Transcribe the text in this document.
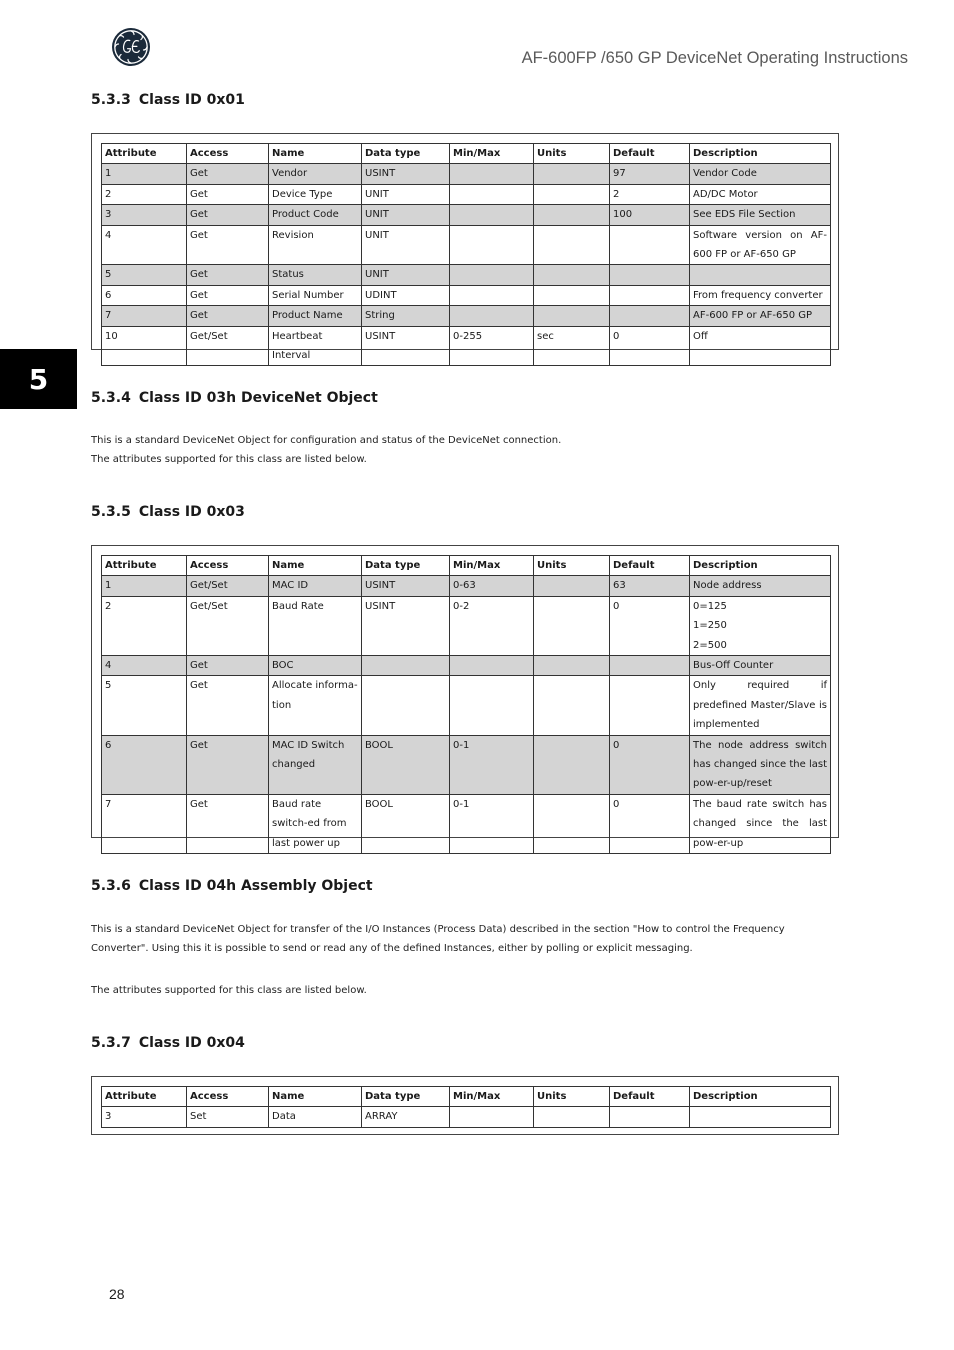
AF-600FP /650 GP DeviceNet Operating Instructions
5
5.3.3 Class ID 0x01
Attribute	Access	Name	Data type	Min/Max	Units	Default	Description
1	Get	Vendor	USINT			97	Vendor Code
2	Get	Device Type	UNIT			2	AD/DC Motor
3	Get	Product Code	UNIT			100	See EDS File Section
4	Get	Revision	UNIT				Software version on AF-600 FP or AF-650 GP
5	Get	Status	UNIT				
6	Get	Serial Number	UDINT				From frequency converter
7	Get	Product Name	String				AF-600 FP or AF-650 GP
10	Get/Set	Heartbeat Interval	USINT	0-255	sec	0	Off
5.3.4 Class ID 03h DeviceNet Object
This is a standard DeviceNet Object for configuration and status of the DeviceNet connection.
The attributes supported for this class are listed below.
5.3.5 Class ID 0x03
Attribute	Access	Name	Data type	Min/Max	Units	Default	Description
1	Get/Set	MAC ID	USINT	0-63		63	Node address
2	Get/Set	Baud Rate	USINT	0-2		0	0=125
1=250
2=500
4	Get	BOC					Bus-Off Counter
5	Get	Allocate informa-tion					Only required if predefined Master/Slave is implemented
6	Get	MAC ID Switch changed	BOOL	0-1		0	The node address switch has changed since the last pow-er-up/reset
7	Get	Baud rate switch-ed from last power up	BOOL	0-1		0	The baud rate switch has changed since the last pow-er-up
5.3.6 Class ID 04h Assembly Object
This is a standard DeviceNet Object for transfer of the I/O Instances (Process Data) described in the section "How to control the Frequency Converter". Using this it is possible to send or read any of the defined Instances, either by polling or explicit messaging.
The attributes supported for this class are listed below.
5.3.7 Class ID 0x04
Attribute	Access	Name	Data type	Min/Max	Units	Default	Description
3	Set	Data	ARRAY				
28
